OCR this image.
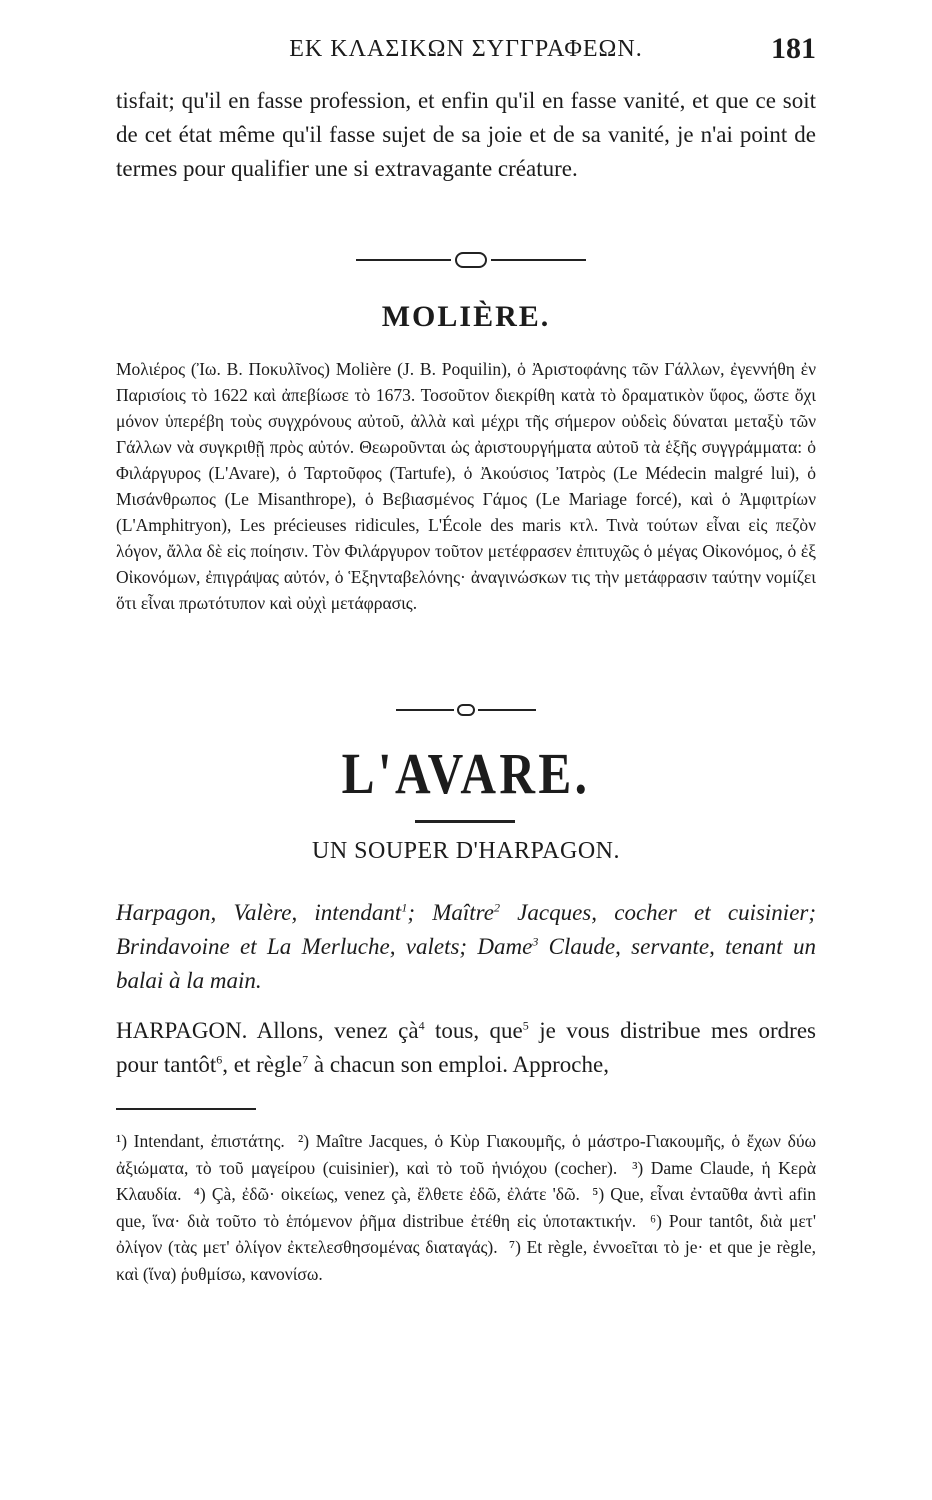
ΕΚ ΚΛΑΣΙΚΩΝ ΣΥΓΓΡΑΦΕΩΝ.	181

tisfait; qu'il en fasse profession, et enfin qu'il en fasse vanité, et que ce soit de cet état même qu'il fasse sujet de sa joie et de sa vanité, je n'ai point de termes pour qualifier une si extravagante créature.

MOLIÈRE.

Μολιέρος (Ἰω. Β. Ποκυλῖνος) Molière (J. B. Poquilin), ὁ Ἀριστοφάνης τῶν Γάλλων, ἐγεννήθη ἐν Παρισίοις τὸ 1622 καὶ ἀπεβίωσε τὸ 1673. Τοσοῦτον διεκρίθη κατὰ τὸ δραματικὸν ὕφος, ὥστε ὄχι μόνον ὑπερέβη τοὺς συγχρόνους αὐτοῦ, ἀλλὰ καὶ μέχρι τῆς σήμερον οὐδεὶς δύναται μεταξὺ τῶν Γάλλων νὰ συγκριθῇ πρὸς αὐτόν. Θεωροῦνται ὡς ἀριστουργήματα αὐτοῦ τὰ ἑξῆς συγγράμματα: ὁ Φιλάργυρος (L'Avare), ὁ Ταρτοῦφος (Tartufe), ὁ Ἀκούσιος Ἰατρὸς (Le Médecin malgré lui), ὁ Μισάνθρωπος (Le Misanthrope), ὁ Βεβιασμένος Γάμος (Le Mariage forcé), καὶ ὁ Ἀμφιτρίων (L'Amphitryon), Les précieuses ridicules, L'École des maris κτλ. Τινὰ τούτων εἶναι εἰς πεζὸν λόγον, ἄλλα δὲ εἰς ποίησιν. Τὸν Φιλάργυρον τοῦτον μετέφρασεν ἐπιτυχῶς ὁ μέγας Οἰκονόμος, ὁ ἐξ Οἰκονόμων, ἐπιγράψας αὐτόν, ὁ Ἑξηνταβελόνης· ἀναγινώσκων τις τὴν μετάφρασιν ταύτην νομίζει ὅτι εἶναι πρωτότυπον καὶ οὐχὶ μετάφρασις.

L'AVARE.
UN SOUPER D'HARPAGON.

Harpagon, Valère, intendant$^1$; Maître$^2$ Jacques, cocher et cuisinier; Brindavoine et La Merluche, valets; Dame$^3$ Claude, servante, tenant un balai à la main.

HARPAGON. Allons, venez $çà^4$ tous, que$^5$ je vous distribue mes ordres pour tantôt$^6$, et règle$^7$ à chacun son emploi. Approche,

¹) Intendant, ἐπιστάτης. ²) Maître Jacques, ὁ Κὺρ Γιακουμῆς, ὁ μάστρο-Γιακουμῆς, ὁ ἔχων δύω ἀξιώματα, τὸ τοῦ μαγείρου (cuisinier), καὶ τὸ τοῦ ἡνιόχου (cocher). ³) Dame Claude, ἡ Κερὰ Κλαυδία. ⁴) Çà, ἐδῶ· οἰκείως, venez çà, ἔλθετε ἐδῶ, ἐλάτε 'δῶ. ⁵) Que, εἶναι ἐνταῦθα ἀντὶ afin que, ἵνα· διὰ τοῦτο τὸ ἑπόμενον ῥῆμα distribue ἐτέθη εἰς ὑποτακτικήν. ⁶) Pour tantôt, διὰ μετ' ὀλίγον (τὰς μετ' ὀλίγον ἐκτελεσθησομένας διαταγάς). ⁷) Et règle, ἐννοεῖται τὸ je· et que je règle, καὶ (ἵνα) ῥυθμίσω, κανονίσω.
